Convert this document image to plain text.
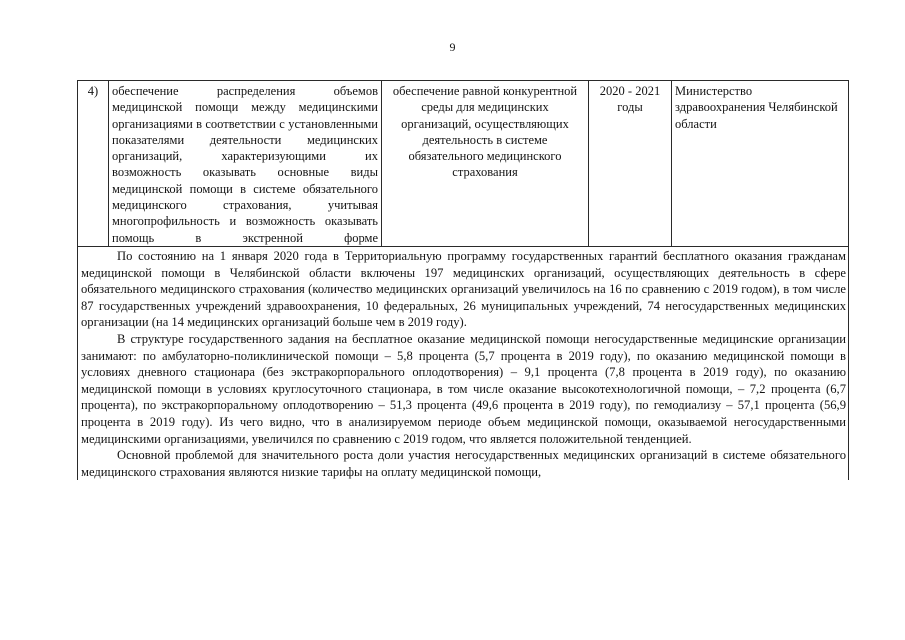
9
4)	обеспечение распределения объемов медицинской помощи между медицинскими организациями в соответствии с установленными показателями деятельности медицинских организаций, характеризующими их возможность оказывать основные виды медицинской помощи в системе обязательного медицинского страхования, учитывая многопрофильность и возможность оказывать помощь в экстренной форме	обеспечение равной конкурентной среды для медицинских организаций, осуществляющих деятельность в системе обязательного медицинского страхования	2020 - 2021 годы	Министерство здравоохранения Челябинской области

По состоянию на 1 января 2020 года в Территориальную программу государственных гарантий бесплатного оказания гражданам медицинской помощи в Челябинской области включены 197 медицинских организаций, осуществляющих деятельность в сфере обязательного медицинского страхования (количество медицинских организаций увеличилось на 16 по сравнению с 2019 годом), в том числе 87 государственных учреждений здравоохранения, 10 федеральных, 26 муниципальных учреждений, 74 негосударственных медицинских организации (на 14 медицинских организаций больше чем в 2019 году).

В структуре государственного задания на бесплатное оказание медицинской помощи негосударственные медицинские организации занимают: по амбулаторно-поликлинической помощи – 5,8 процента (5,7 процента в 2019 году), по оказанию медицинской помощи в условиях дневного стационара (без экстракорпорального оплодотворения) – 9,1 процента (7,8 процента в 2019 году), по оказанию медицинской помощи в условиях круглосуточного стационара, в том числе оказание высокотехнологичной помощи, – 7,2 процента (6,7 процента), по экстракорпоральному оплодотворению – 51,3 процента (49,6 процента в 2019 году), по гемодиализу – 57,1 процента (56,9 процента в 2019 году). Из чего видно, что в анализируемом периоде объем медицинской помощи, оказываемой негосударственными медицинскими организациями, увеличился по сравнению с 2019 годом, что является положительной тенденцией.

Основной проблемой для значительного роста доли участия негосударственных медицинских организаций в системе обязательного медицинского страхования являются низкие тарифы на оплату медицинской помощи,
